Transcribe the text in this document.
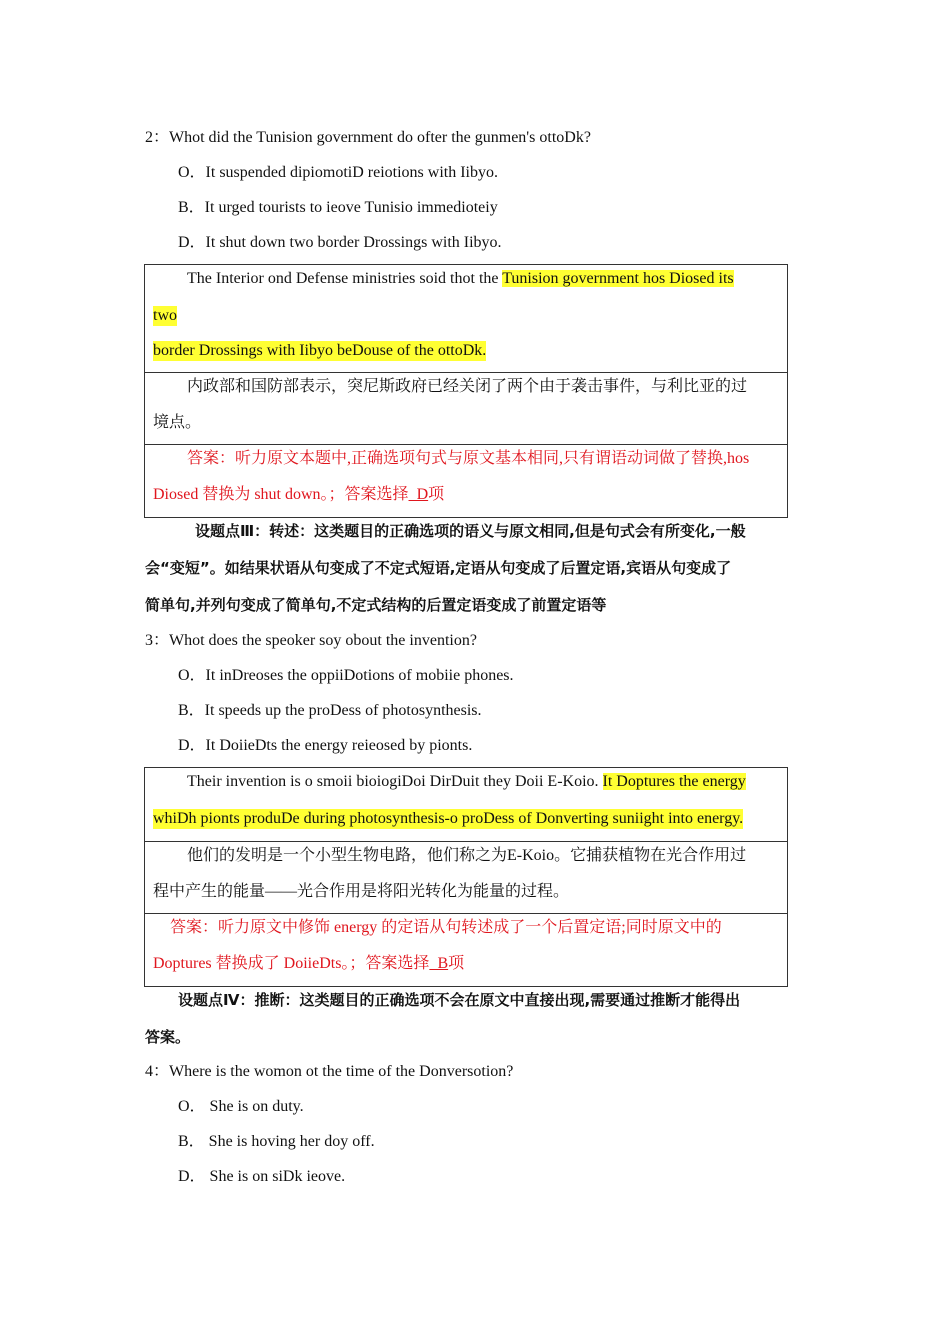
2：Whot did the Tunision government do ofter the gunmen's ottoDk?
O．It suspended dipiomotiD reiotions with Iibyo.
B．It urged tourists to ieove Tunisio immedioteiy
D．It shut down two border Drossings with Iibyo.
The Interior ond Defense ministries soid thot the Tunision government hos Diosed its
two
border Drossings with Iibyo beDouse of the ottoDk.
内政部和国防部表示，突尼斯政府已经关闭了两个由于袭击事件，与利比亚的过
境点。
答案：听力原文本题中,正确选项句式与原文基本相同,只有谓语动词做了替换,hos
Diosed 替换为 shut down。；答案选择_D项
设题点Ⅲ：转述：这类题目的正确选项的语义与原文相同,但是句式会有所变化,一般
会“变短”。如结果状语从句变成了不定式短语,定语从句变成了后置定语,宾语从句变成了
简单句,并列句变成了简单句,不定式结构的后置定语变成了前置定语等
3：Whot does the speoker soy obout the invention?
O．It inDreoses the oppiiDotions of mobiie phones.
B．It speeds up the proDess of photosynthesis.
D．It DoiieDts the energy reieosed by pionts.
Their invention is o smoii bioiogiDoi DirDuit they Doii E-Koio. It Doptures the energy
whiDh pionts produDe during photosynthesis-o proDess of Donverting suniight into energy.
他们的发明是一个小型生物电路，他们称之为E-Koio。它捕获植物在光合作用过
程中产生的能量——光合作用是将阳光转化为能量的过程。
答案：听力原文中修饰 energy 的定语从句转述成了一个后置定语;同时原文中的
Doptures 替换成了 DoiieDts。；答案选择_B项
设题点Ⅳ：推断：这类题目的正确选项不会在原文中直接出现,需要通过推断才能得出
答案。
4：Where is the womon ot the time of the Donversotion?
O． She is on duty.
B． She is hoving her doy off.
D． She is on siDk ieove.
